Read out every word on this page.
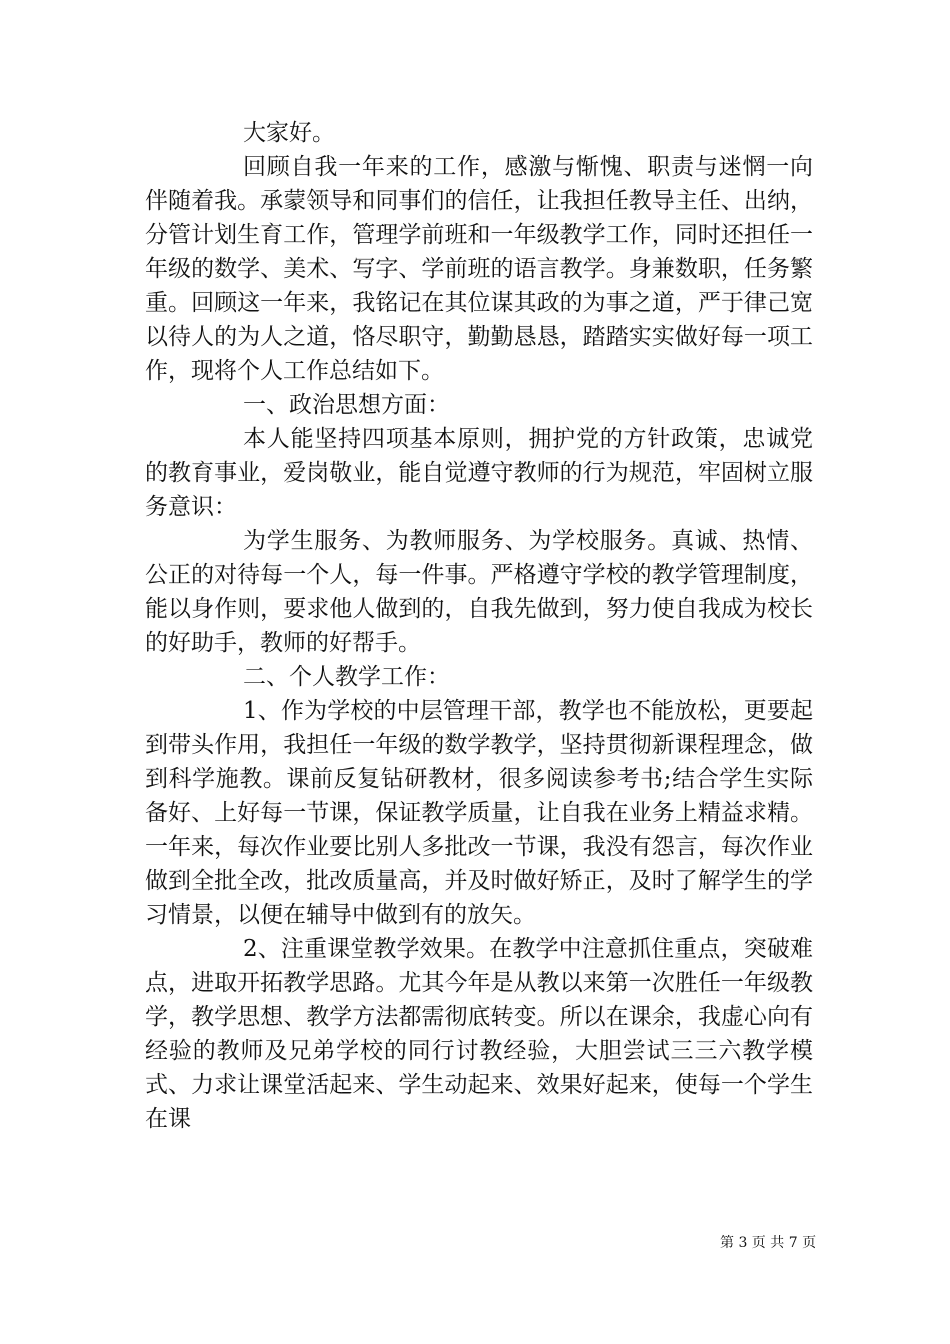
大家好。

回顾自我一年来的工作，感激与惭愧、职责与迷惘一向伴随着我。承蒙领导和同事们的信任，让我担任教导主任、出纳，分管计划生育工作，管理学前班和一年级教学工作，同时还担任一年级的数学、美术、写字、学前班的语言教学。身兼数职，任务繁重。回顾这一年来，我铭记在其位谋其政的为事之道，严于律己宽以待人的为人之道，恪尽职守，勤勤恳恳，踏踏实实做好每一项工作，现将个人工作总结如下。

一、政治思想方面：

本人能坚持四项基本原则，拥护党的方针政策，忠诚党的教育事业，爱岗敬业，能自觉遵守教师的行为规范，牢固树立服务意识：

为学生服务、为教师服务、为学校服务。真诚、热情、公正的对待每一个人，每一件事。严格遵守学校的教学管理制度，能以身作则，要求他人做到的，自我先做到，努力使自我成为校长的好助手，教师的好帮手。

二、个人教学工作：

1、作为学校的中层管理干部，教学也不能放松，更要起到带头作用，我担任一年级的数学教学，坚持贯彻新课程理念，做到科学施教。课前反复钻研教材，很多阅读参考书;结合学生实际备好、上好每一节课，保证教学质量，让自我在业务上精益求精。一年来，每次作业要比别人多批改一节课，我没有怨言，每次作业做到全批全改，批改质量高，并及时做好矫正，及时了解学生的学习情景，以便在辅导中做到有的放矢。

2、注重课堂教学效果。在教学中注意抓住重点，突破难点，进取开拓教学思路。尤其今年是从教以来第一次胜任一年级教学，教学思想、教学方法都需彻底转变。所以在课余，我虚心向有经验的教师及兄弟学校的同行讨教经验，大胆尝试三三六教学模式、力求让课堂活起来、学生动起来、效果好起来，使每一个学生在课

第 3 页 共 7 页
